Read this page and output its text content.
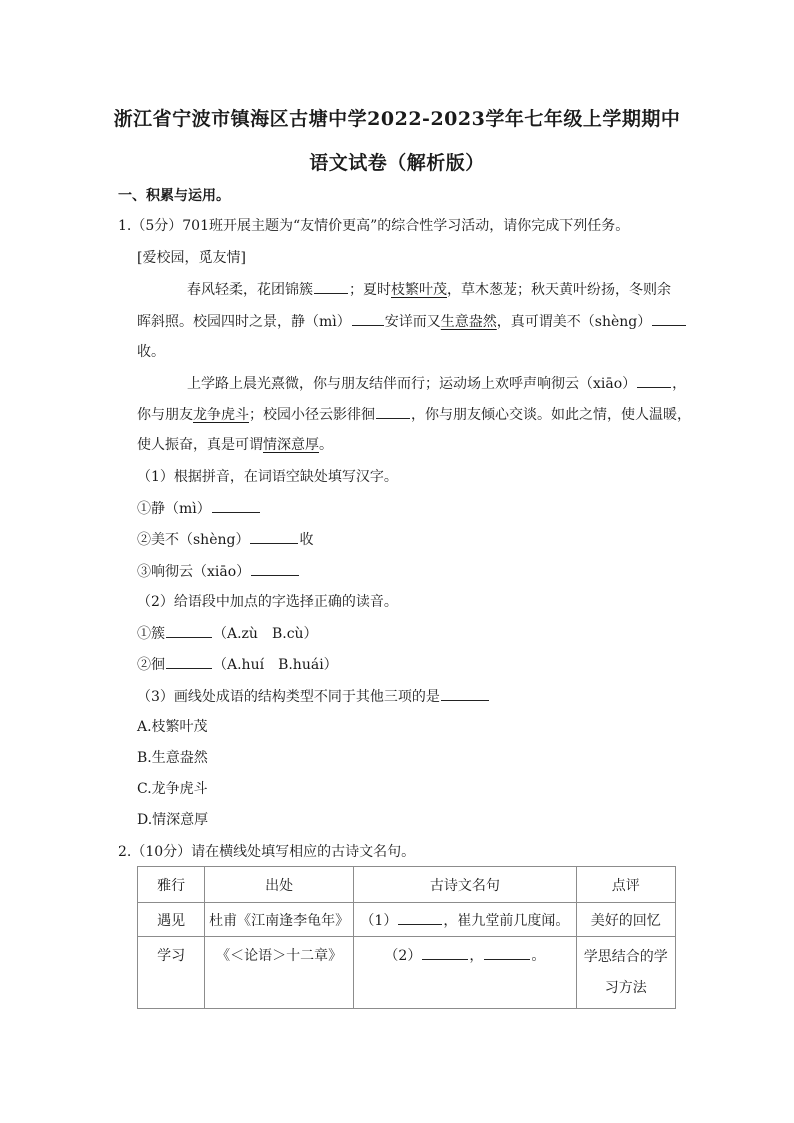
浙江省宁波市镇海区古塘中学2022-2023学年七年级上学期期中
语文试卷（解析版）
一、积累与运用。
1.（5分）701班开展主题为“友情价更高”的综合性学习活动，请你完成下列任务。
[爱校园，觅友情]
春风轻柔，花团锦簇	；夏时枝繁叶茂，草木葱茏；秋天黄叶纷扬，冬则余
晖斜照。校园四时之景，静（mì） 安详而又生意盎然，真可谓美不（shèng）
收。
上学路上晨光熹微，你与朋友结伴而行；运动场上欢呼声响彻云（xiāo）	，
你与朋友龙争虎斗；校园小径云影徘徊	，你与朋友倾心交谈。如此之情，使人温暖，
使人振奋，真是可谓情深意厚。
（1）根据拼音，在词语空缺处填写汉字。
①静（mì）
②美不（shèng）	收
③响彻云（xiāo）
（2）给语段中加点的字选择正确的读音。
①簇	（A.zù　B.cù）
②徊	（A.huí　B.huái）
（3）画线处成语的结构类型不同于其他三项的是
A.枝繁叶茂
B.生意盎然
C.龙争虎斗
D.情深意厚
2.（10分）请在横线处填写相应的古诗文名句。
雅行	出处	古诗文名句	点评
遇见	杜甫《江南逢李龟年》	（1） ，崔九堂前几度闻。	美好的回忆
学习	《＜论语＞十二章》	（2） ， 。	学思结合的学习方法
